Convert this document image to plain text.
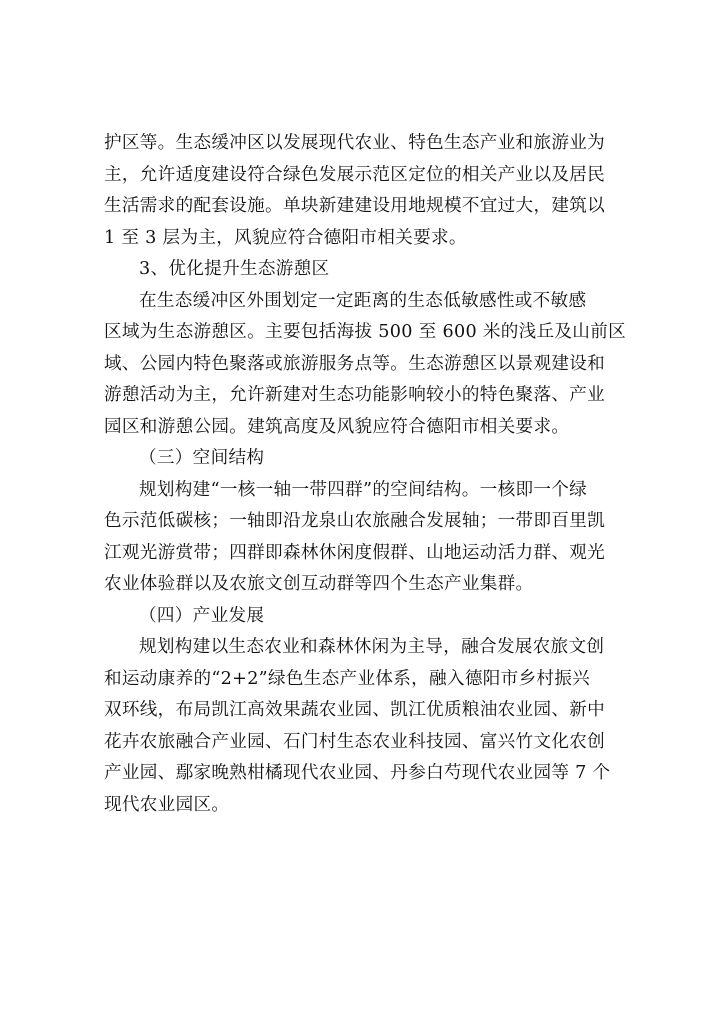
护区等。生态缓冲区以发展现代农业、特色生态产业和旅游业为
主，允许适度建设符合绿色发展示范区定位的相关产业以及居民
生活需求的配套设施。单块新建建设用地规模不宜过大，建筑以
1 至 3 层为主，风貌应符合德阳市相关要求。
3、优化提升生态游憩区
在生态缓冲区外围划定一定距离的生态低敏感性或不敏感
区域为生态游憩区。主要包括海拔 500 至 600 米的浅丘及山前区
域、公园内特色聚落或旅游服务点等。生态游憩区以景观建设和
游憩活动为主，允许新建对生态功能影响较小的特色聚落、产业
园区和游憩公园。建筑高度及风貌应符合德阳市相关要求。
（三）空间结构
规划构建“一核一轴一带四群”的空间结构。一核即一个绿
色示范低碳核；一轴即沿龙泉山农旅融合发展轴；一带即百里凯
江观光游赏带；四群即森林休闲度假群、山地运动活力群、观光
农业体验群以及农旅文创互动群等四个生态产业集群。
（四）产业发展
规划构建以生态农业和森林休闲为主导，融合发展农旅文创
和运动康养的“2+2”绿色生态产业体系，融入德阳市乡村振兴
双环线，布局凯江高效果蔬农业园、凯江优质粮油农业园、新中
花卉农旅融合产业园、石门村生态农业科技园、富兴竹文化农创
产业园、鄢家晚熟柑橘现代农业园、丹参白芍现代农业园等 7 个
现代农业园区。
